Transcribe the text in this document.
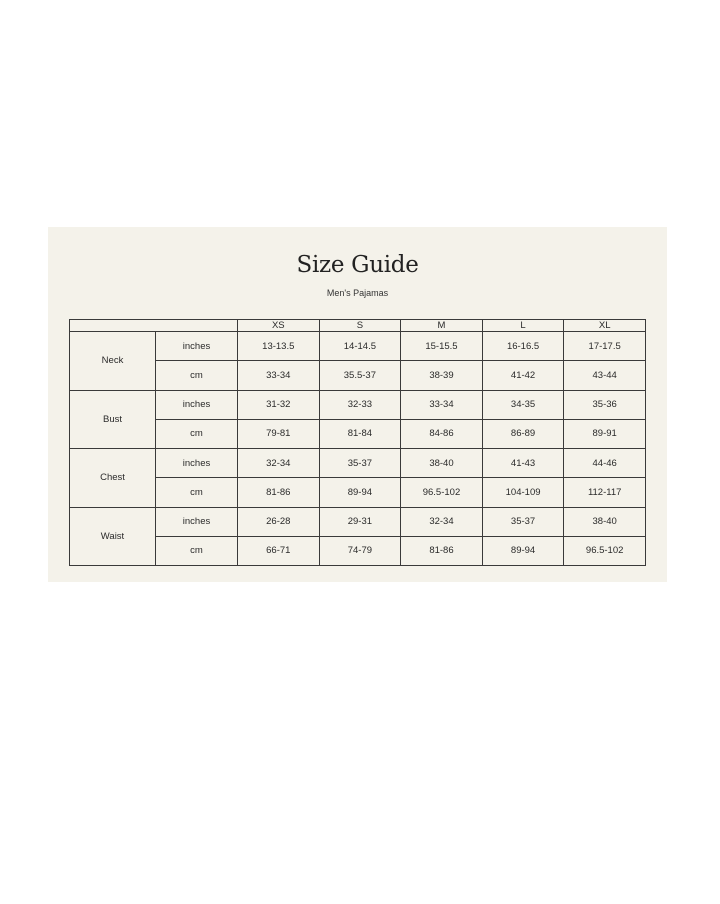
Size Guide
Men's Pajamas
		XS	S	M	L	XL
Neck	inches	13-13.5	14-14.5	15-15.5	16-16.5	17-17.5
	cm	33-34	35.5-37	38-39	41-42	43-44
Bust	inches	31-32	32-33	33-34	34-35	35-36
	cm	79-81	81-84	84-86	86-89	89-91
Chest	inches	32-34	35-37	38-40	41-43	44-46
	cm	81-86	89-94	96.5-102	104-109	112-117
Waist	inches	26-28	29-31	32-34	35-37	38-40
	cm	66-71	74-79	81-86	89-94	96.5-102
